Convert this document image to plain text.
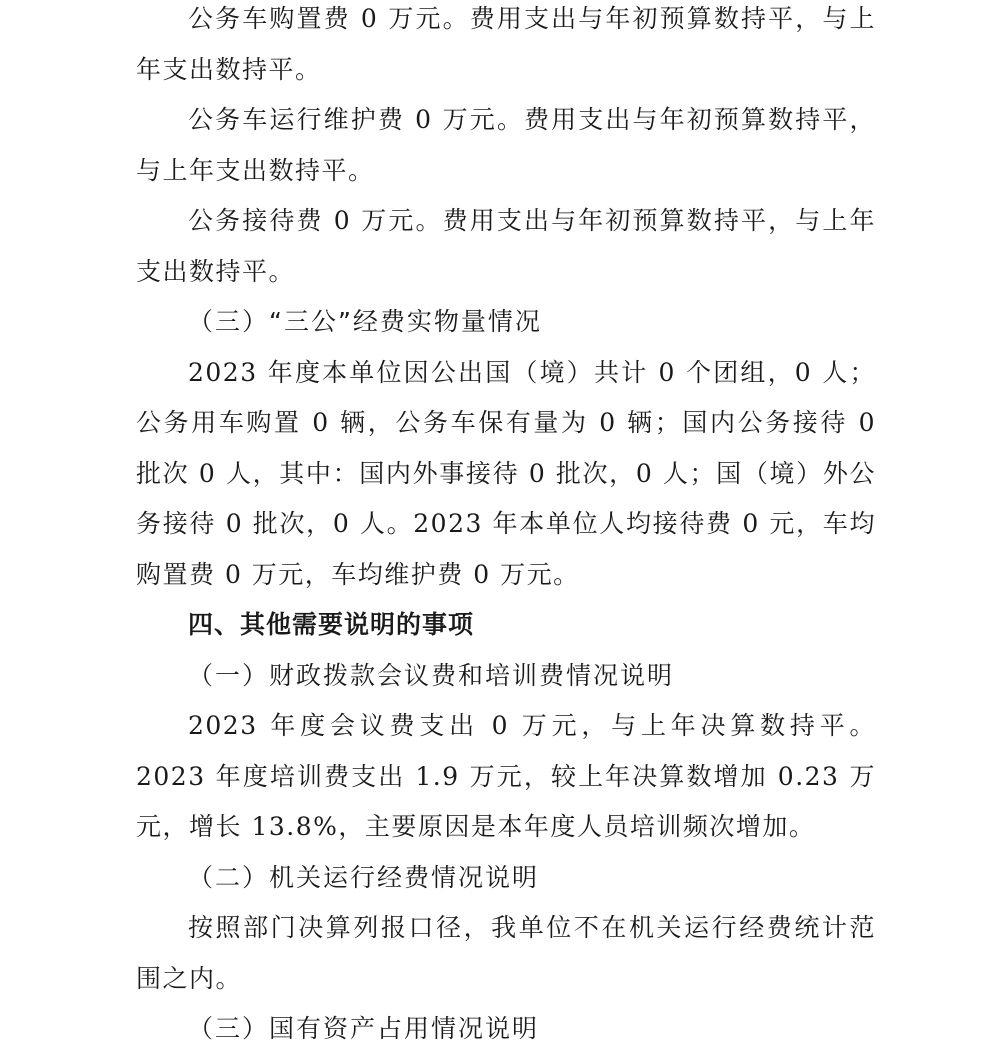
公务车购置费 0 万元。费用支出与年初预算数持平，与上年支出数持平。

公务车运行维护费 0 万元。费用支出与年初预算数持平，与上年支出数持平。

公务接待费 0 万元。费用支出与年初预算数持平，与上年支出数持平。

（三）“三公”经费实物量情况

2023 年度本单位因公出国（境）共计 0 个团组，0 人；公务用车购置 0 辆，公务车保有量为 0 辆；国内公务接待 0 批次 0 人，其中：国内外事接待 0 批次，0 人；国（境）外公务接待 0 批次，0 人。2023 年本单位人均接待费 0 元，车均购置费 0 万元，车均维护费 0 万元。

四、其他需要说明的事项

（一）财政拨款会议费和培训费情况说明

2023 年度会议费支出 0 万元，与上年决算数持平。2023 年度培训费支出 1.9 万元，较上年决算数增加 0.23 万元，增长 13.8%，主要原因是本年度人员培训频次增加。

（二）机关运行经费情况说明

按照部门决算列报口径，我单位不在机关运行经费统计范围之内。

（三）国有资产占用情况说明
